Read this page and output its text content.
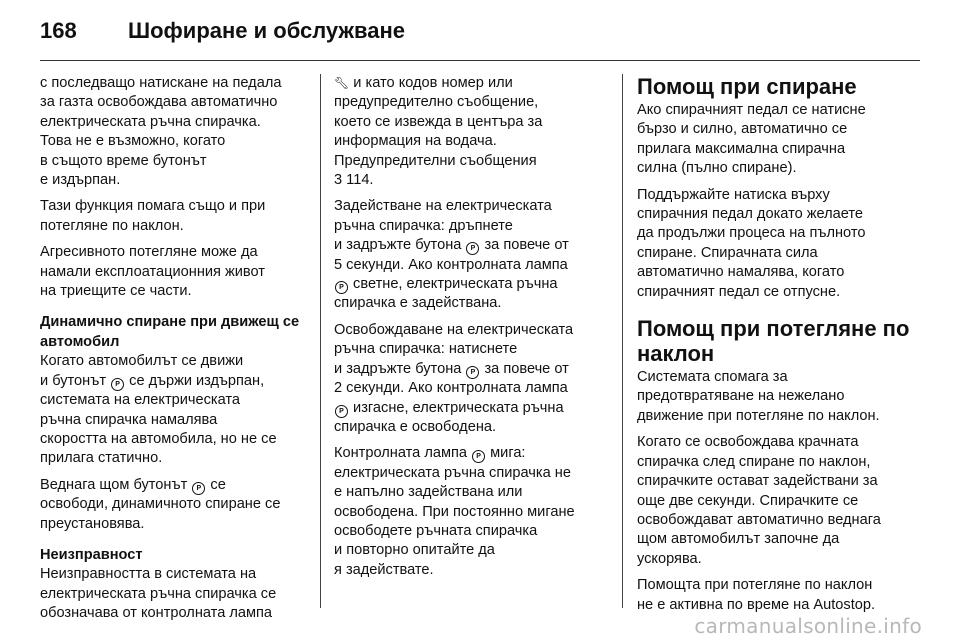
168 Шофиране и обслужване

с последващо натискане на педала
за газта освобождава автоматично
електрическата ръчна спирачка.
Това не е възможно, когато
в същото време бутонът
е издърпан.

Тази функция помага също и при
потегляне по наклон.

Агресивното потегляне може да
намали експлоатационния живот
на триещите се части.

Динамично спиране при движещ се
автомобил

Когато автомобилът се движи
и бутонът P се държи издърпан,
системата на електрическата
ръчна спирачка намалява
скоростта на автомобила, но не се
прилага статично.

Веднага щом бутонът P се
освободи, динамичното спиране се
преустановява.

Неизправност

Неизправността в системата на
електрическата ръчна спирачка се
обозначава от контролната лампа

🔧︎ и като кодов номер или
предупредително съобщение,
което се извежда в центъра за
информация на водача.
Предупредителни съобщения
3 114.

Задействане на електрическата
ръчна спирачка: дръпнете
и задръжте бутона P за повече от
5 секунди. Ако контролната лампа
P светне, електрическата ръчна
спирачка е задействана.

Освобождаване на електрическата
ръчна спирачка: натиснете
и задръжте бутона P за повече от
2 секунди. Ако контролната лампа
P изгасне, електрическата ръчна
спирачка е освободена.

Контролната лампа P мига:
електрическата ръчна спирачка не
е напълно задействана или
освободена. При постоянно мигане
освободете ръчната спирачка
и повторно опитайте да
я задействате.

Помощ при спиране

Ако спирачният педал се натисне
бързо и силно, автоматично се
прилага максимална спирачна
силна (пълно спиране).

Поддържайте натиска върху
спирачния педал докато желаете
да продължи процеса на пълното
спиране. Спирачната сила
автоматично намалява, когато
спирачният педал се отпусне.

Помощ при потегляне по
наклон

Системата спомага за
предотвратяване на нежелано
движение при потегляне по наклон.

Когато се освобождава крачната
спирачка след спиране по наклон,
спирачките остават задействани за
още две секунди. Спирачките се
освобождават автоматично веднага
щом автомобилът започне да
ускорява.

Помощта при потегляне по наклон
не е активна по време на Autostop.

carmanualsonline.info
